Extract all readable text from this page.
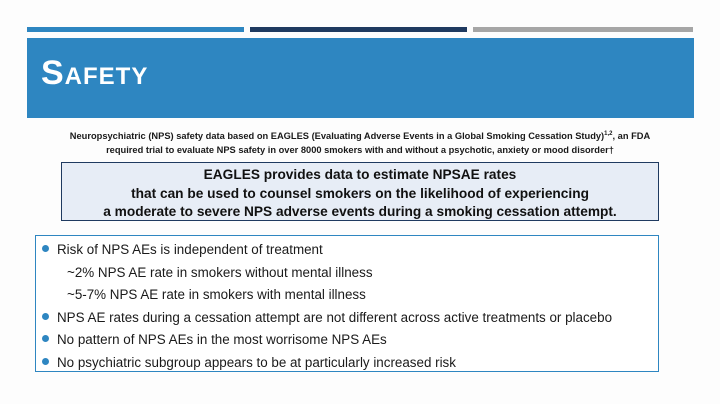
Safety
Neuropsychiatric (NPS) safety data based on EAGLES (Evaluating Adverse Events in a Global Smoking Cessation Study)$^{1,2}$, an FDA
required trial to evaluate NPS safety in over 8000 smokers with and without a psychotic, anxiety or mood disorder†
EAGLES provides data to estimate NPSAE rates
that can be used to counsel smokers on the likelihood of experiencing
a moderate to severe NPS adverse events during a smoking cessation attempt.
Risk of NPS AEs is independent of treatment
~2% NPS AE rate in smokers without mental illness
~5-7% NPS AE rate in smokers with mental illness
NPS AE rates during a cessation attempt are not different across active treatments or placebo
No pattern of NPS AEs in the most worrisome NPS AEs
No psychiatric subgroup appears to be at particularly increased risk
